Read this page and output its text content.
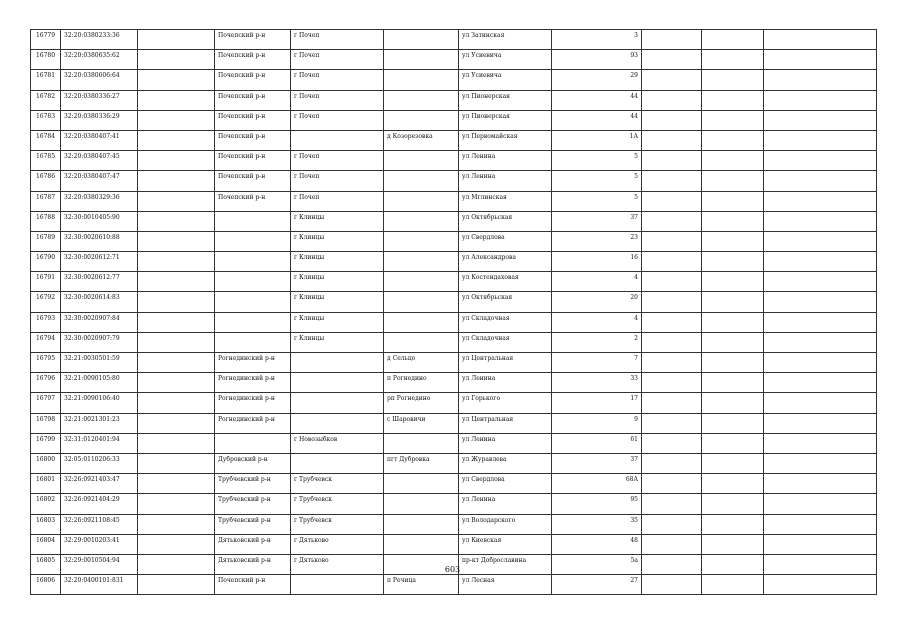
16779	32:20:0380233:36		Почепский р-н	г Почеп		ул Затинская	3			
16780	32:20:0380635:62		Почепский р-н	г Почеп		ул Усиевича	93			
16781	32:20:0380606:64		Почепский р-н	г Почеп		ул Усиевича	29			
16782	32:20:0380336:27		Почепский р-н	г Почеп		ул Пионерская	44			
16783	32:20:0380336:29		Почепский р-н	г Почеп		ул Пионерская	44			
16784	32:20:0380407:41		Почепский р-н		д Козорезовка	ул Первомайская	1А			
16785	32:20:0380407:45		Почепский р-н	г Почеп		ул Ленина	5			
16786	32:20:0380407:47		Почепский р-н	г Почеп		ул Ленина	5			
16787	32:20:0380329:36		Почепский р-н	г Почеп		ул Мглинская	5			
16788	32:30:0010405:90			г Клинцы		ул Октябрьская	37			
16789	32:30:0020610:88			г Клинцы		ул Свердлова	23			
16790	32:30:0020612:71			г Клинцы		ул Александрова	16			
16791	32:30:0020612:77			г Клинцы		ул Костендаховая	4			
16792	32:30:0020614:83			г Клинцы		ул Октябрьская	20			
16793	32:30:0020907:84			г Клинцы		ул Складочная	4			
16794	32:30:0020907:79			г Клинцы		ул Складочная	2			
16795	32:21:0030501:59		Рогнединский р-н		д Сельцо	ул Центральная	7			
16796	32:21:0090105:80		Рогнединский р-н		п Рогнедино	ул Ленина	33			
16797	32:21:0090106:40		Рогнединский р-н		рп Рогнедино	ул Горького	17			
16798	32:21:0021301:23		Рогнединский р-н		с Шаровичи	ул Центральная	9			
16799	32:31:0120401:94			г Новозыбков		ул Ленина	61			
16800	32:05:0110206:33		Дубровский р-н		пгт Дубровка	ул Журавлева	37			
16801	32:26:0921403:47		Трубчевский р-н	г Трубчевск		ул Свердлова	68А			
16802	32:26:0921404:29		Трубчевский р-н	г Трубчевск		ул Ленина	95			
16803	32:26:0921108:45		Трубчевский р-н	г Трубчевск		ул Володарского	35			
16804	32:29:0010203:41		Дятьковский р-н	г Дятьково		ул Киевская	48			
16805	32:29:0010504:94		Дятьковский р-н	г Дятьково		пр-кт Доброславина	5а			
16806	32:20:0400101:831		Почепский р-н		п Речица	ул Лесная	27			
603
